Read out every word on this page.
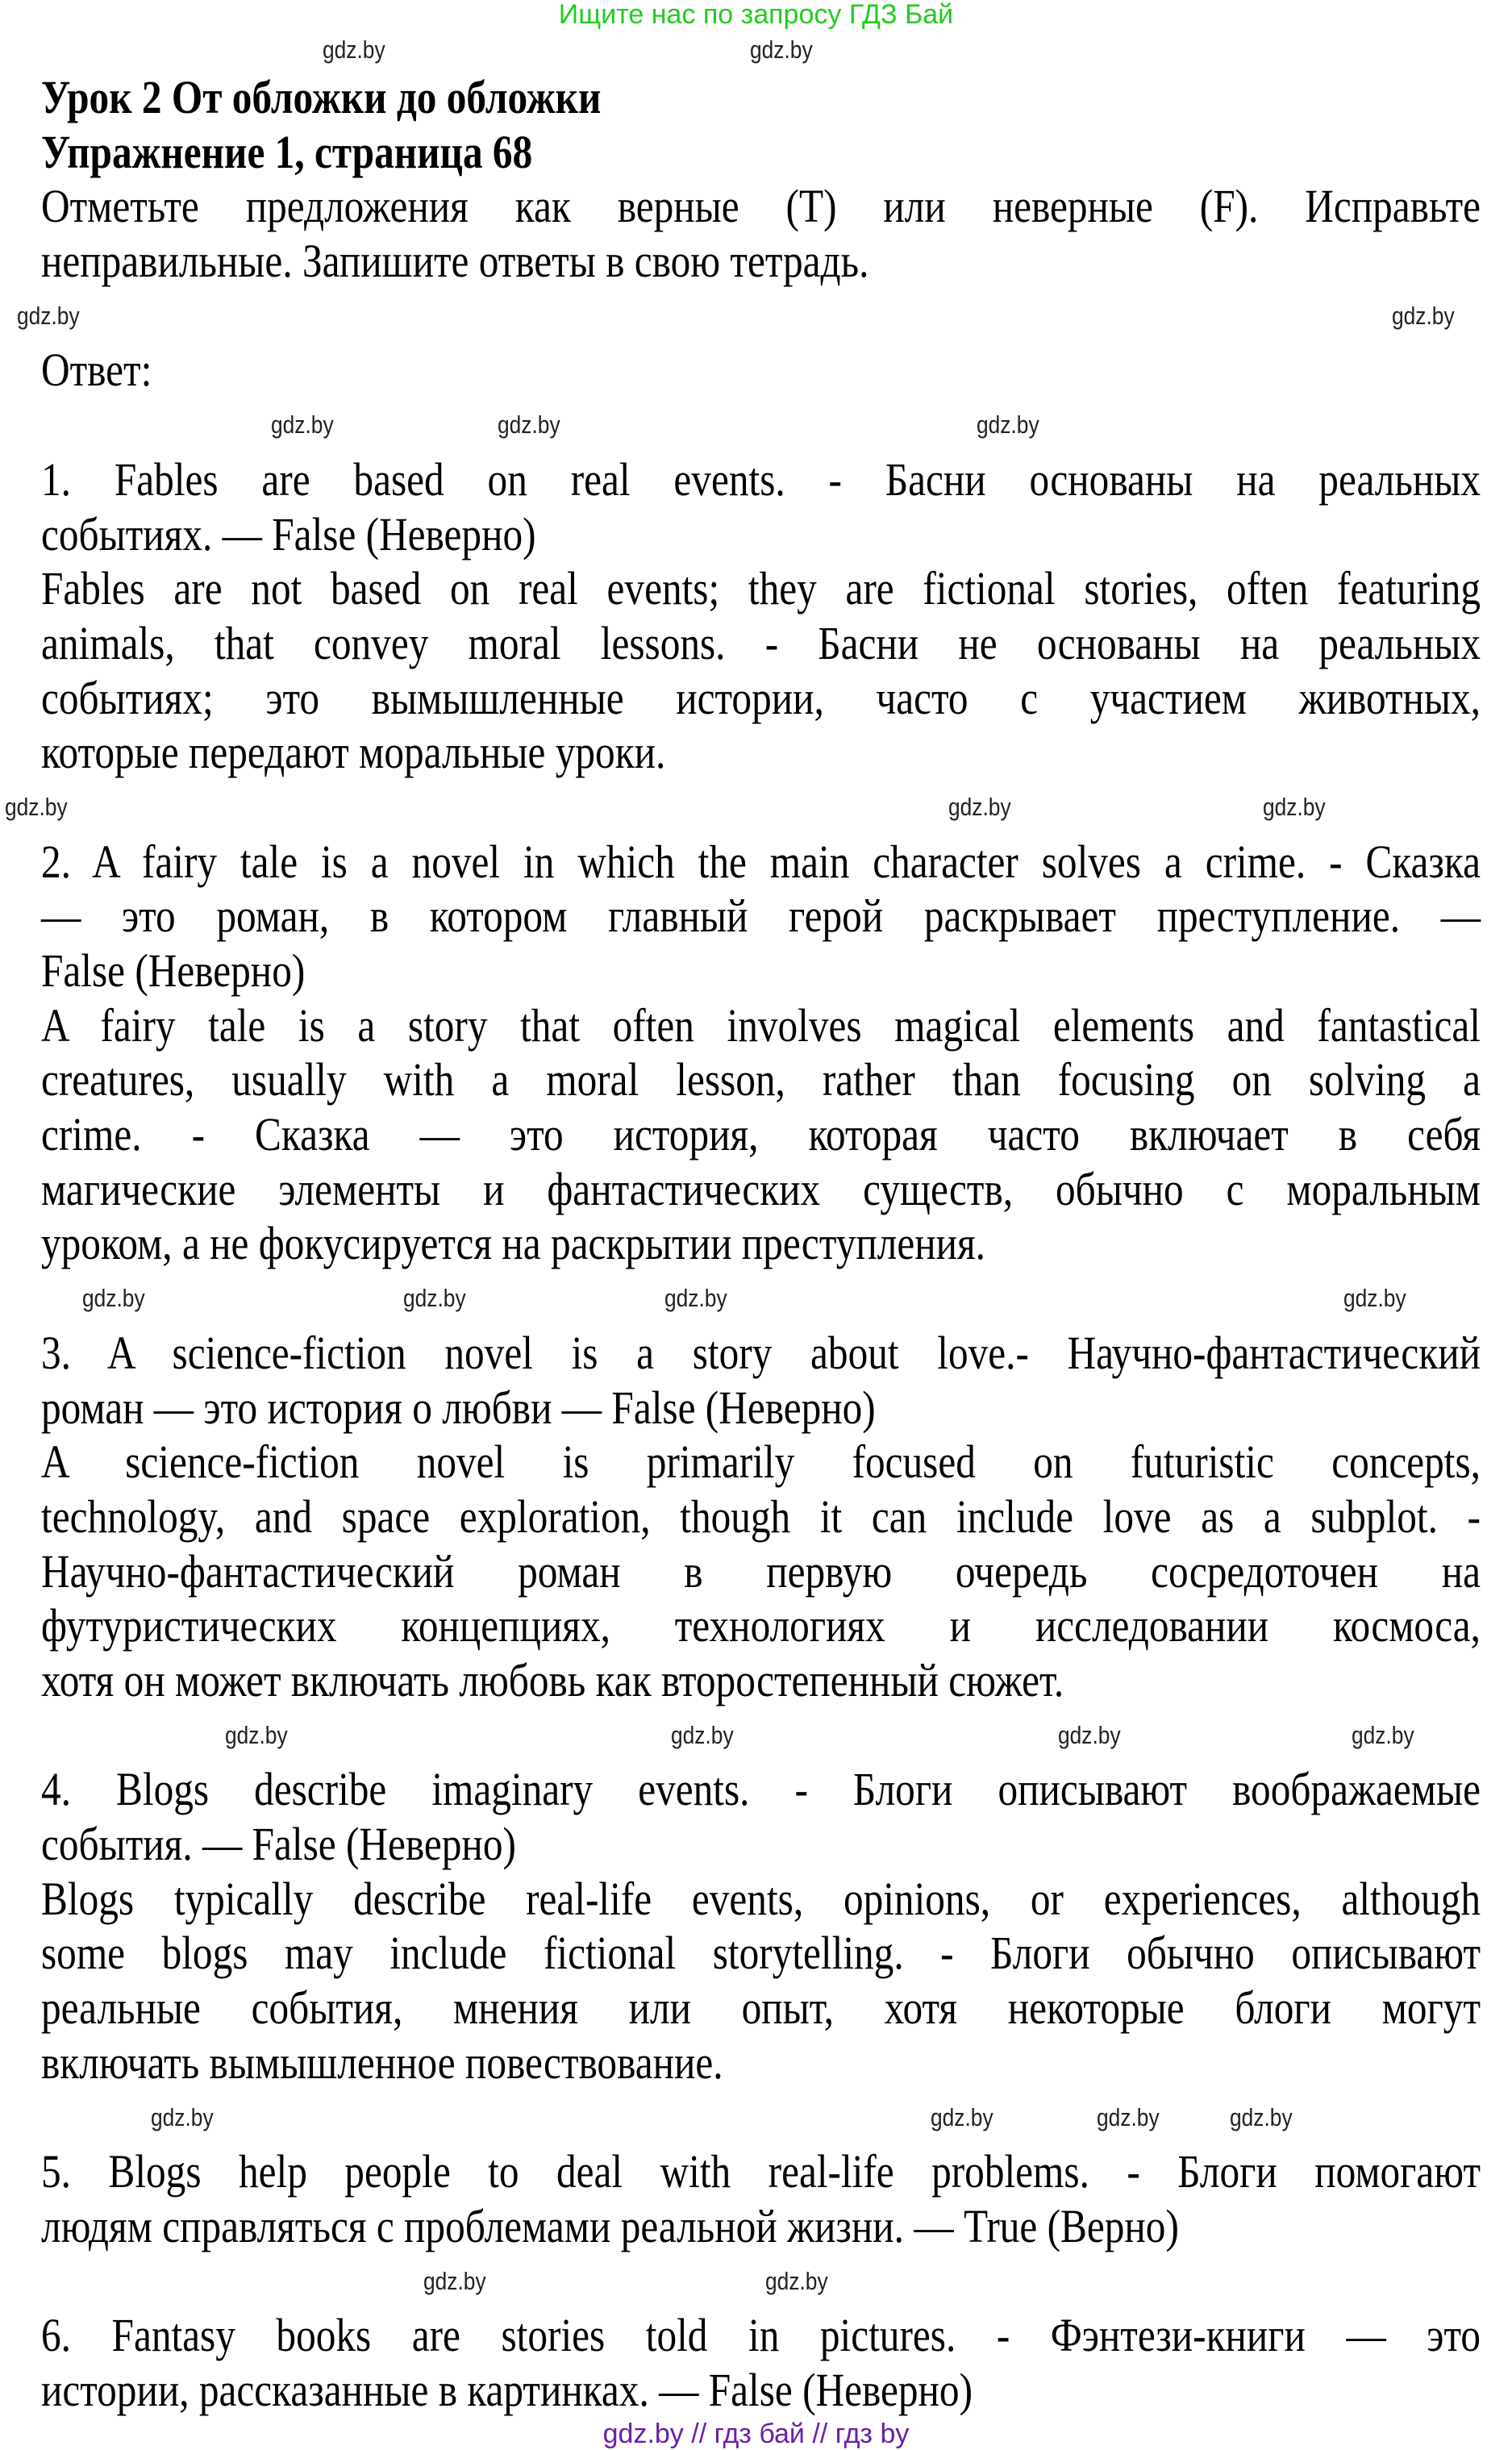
Ищите нас по запросу ГДЗ Бай
Урок 2 От обложки до обложки
Упражнение 1, страница 68
Отметьте предложения как верные (T) или неверные (F). Исправьте
неправильные. Запишите ответы в свою тетрадь.
Ответ:
1. Fables are based on real events. - Басни основаны на реальных
событиях. — False (Неверно)
Fables are not based on real events; they are fictional stories, often featuring
animals, that convey moral lessons. - Басни не основаны на реальных
событиях; это вымышленные истории, часто с участием животных,
которые передают моральные уроки.
2. A fairy tale is a novel in which the main character solves a crime. - Сказка
— это роман, в котором главный герой раскрывает преступление. —
False (Неверно)
A fairy tale is a story that often involves magical elements and fantastical
creatures, usually with a moral lesson, rather than focusing on solving a
crime. - Сказка — это история, которая часто включает в себя
магические элементы и фантастических существ, обычно с моральным
уроком, а не фокусируется на раскрытии преступления.
3. A science-fiction novel is a story about love.- Научно-фантастический
роман — это история о любви — False (Неверно)
A science-fiction novel is primarily focused on futuristic concepts,
technology, and space exploration, though it can include love as a subplot. -
Научно-фантастический роман в первую очередь сосредоточен на
футуристических концепциях, технологиях и исследовании космоса,
хотя он может включать любовь как второстепенный сюжет.
4. Blogs describe imaginary events. - Блоги описывают воображаемые
события. — False (Неверно)
Blogs typically describe real-life events, opinions, or experiences, although
some blogs may include fictional storytelling. - Блоги обычно описывают
реальные события, мнения или опыт, хотя некоторые блоги могут
включать вымышленное повествование.
5. Blogs help people to deal with real-life problems. - Блоги помогают
людям справляться с проблемами реальной жизни. — True (Верно)
6. Fantasy books are stories told in pictures. - Фэнтези-книги — это
истории, рассказанные в картинках. — False (Неверно)
gdz.by	gdz.by
gdz.by	gdz.by
gdz.by	gdz.by	gdz.by
gdz.by
gdz.by	gdz.by
gdz.by	gdz.by
gdz.by
gdz.by
gdz.by	gdz.by
gdz.by	gdz.by
gdz.by
gdz.by
gdz.by	gdz.by
gdz.by	gdz.by
gdz.by // гдз бай // гдз by
